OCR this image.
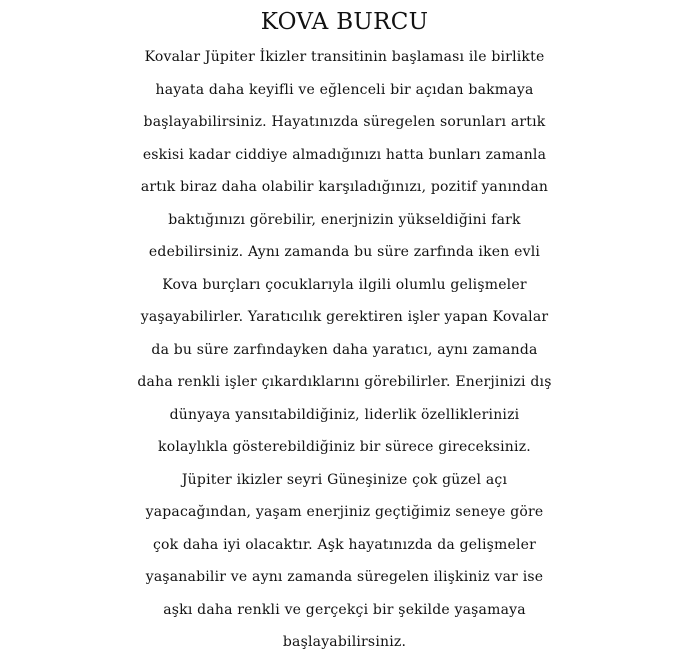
KOVA BURCU
Kovalar Jüpiter İkizler transitinin başlaması ile birlikte
hayata daha keyifli ve eğlenceli bir açıdan bakmaya
başlayabilirsiniz. Hayatınızda süregelen sorunları artık
eskisi kadar ciddiye almadığınızı hatta bunları zamanla
artık biraz daha olabilir karşıladığınızı, pozitif yanından
baktığınızı görebilir, enerjnizin yükseldiğini fark
edebilirsiniz. Aynı zamanda bu süre zarfında iken evli
Kova burçları çocuklarıyla ilgili olumlu gelişmeler
yaşayabilirler. Yaratıcılık gerektiren işler yapan Kovalar
da bu süre zarfındayken daha yaratıcı, aynı zamanda
daha renkli işler çıkardıklarını görebilirler. Enerjinizi dış
dünyaya yansıtabildiğiniz, liderlik özelliklerinizi
kolaylıkla gösterebildiğiniz bir sürece gireceksiniz.
Jüpiter ikizler seyri Güneşinize çok güzel açı
yapacağından, yaşam enerjiniz geçtiğimiz seneye göre
çok daha iyi olacaktır. Aşk hayatınızda da gelişmeler
yaşanabilir ve aynı zamanda süregelen ilişkiniz var ise
aşkı daha renkli ve gerçekçi bir şekilde yaşamaya
başlayabilirsiniz.
